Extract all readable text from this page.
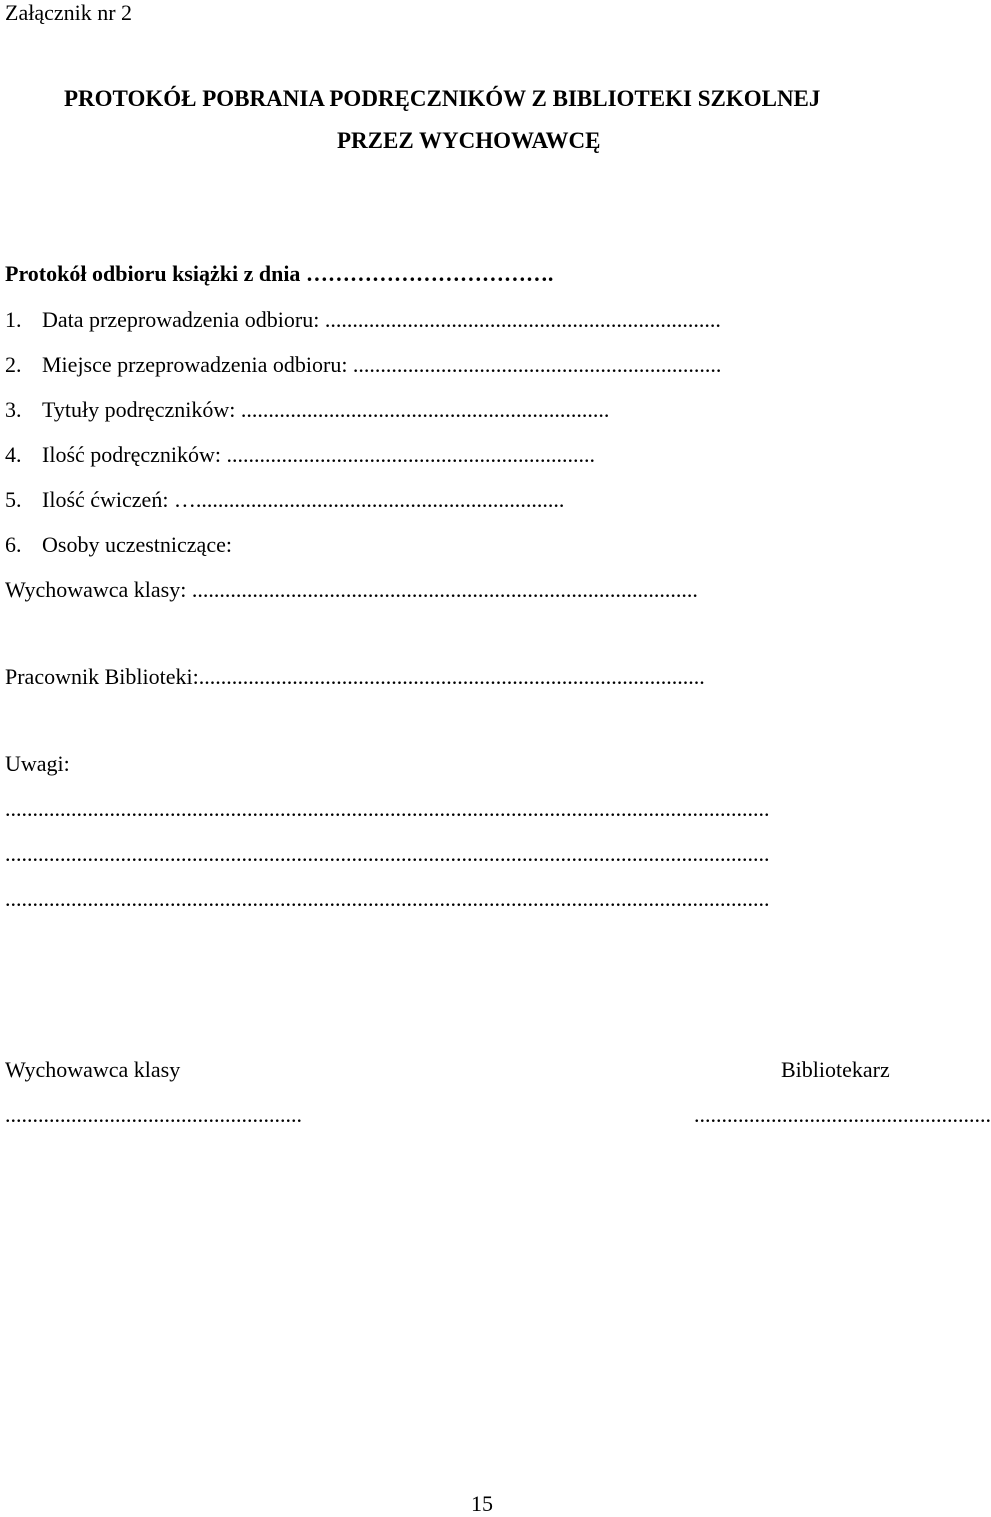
Załącznik nr 2

PROTOKÓŁ POBRANIA PODRĘCZNIKÓW Z BIBLIOTEKI SZKOLNEJ

PRZEZ WYCHOWAWCĘ

Protokół odbioru książki z dnia …………………………….

1. Data przeprowadzenia odbioru: ........................................................................

2. Miejsce przeprowadzenia odbioru: ...................................................................

3. Tytuły podręczników: ...................................................................

4. Ilość podręczników: ...................................................................

5. Ilość ćwiczeń: …...................................................................

6. Osoby uczestniczące:

Wychowawca klasy: ............................................................................................

Pracownik Biblioteki:............................................................................................

Uwagi:

...........................................................................................................................................

...........................................................................................................................................

...........................................................................................................................................

Wychowawca klasy	Bibliotekarz

......................................................	......................................................

15
